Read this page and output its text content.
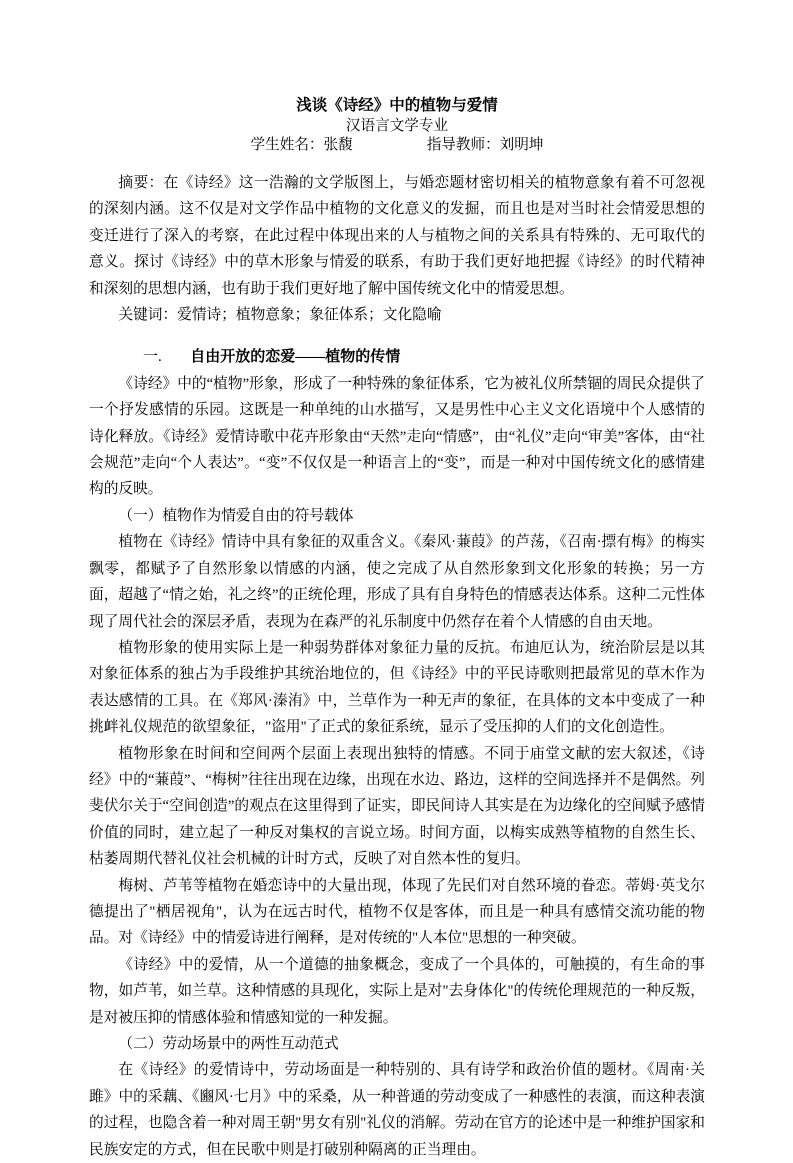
浅谈《诗经》中的植物与爱情
汉语言文学专业
学生姓名：张馥	指导教师：刘明坤

摘要：在《诗经》这一浩瀚的文学版图上，与婚恋题材密切相关的植物意象有着不可忽视的深刻内涵。这不仅是对文学作品中植物的文化意义的发掘，而且也是对当时社会情爱思想的变迁进行了深入的考察，在此过程中体现出来的人与植物之间的关系具有特殊的、无可取代的意义。探讨《诗经》中的草木形象与情爱的联系，有助于我们更好地把握《诗经》的时代精神和深刻的思想内涵，也有助于我们更好地了解中国传统文化中的情爱思想。

关键词：爱情诗；植物意象；象征体系；文化隐喻

一. 自由开放的恋爱——植物的传情

《诗经》中的“植物”形象，形成了一种特殊的象征体系，它为被礼仪所禁锢的周民众提供了一个抒发感情的乐园。这既是一种单纯的山水描写，又是男性中心主义文化语境中个人感情的诗化释放。《诗经》爱情诗歌中花卉形象由“天然”走向“情感”，由“礼仪”走向“审美”客体，由“社会规范”走向“个人表达”。“变”不仅仅是一种语言上的“变”，而是一种对中国传统文化的感情建构的反映。

（一）植物作为情爱自由的符号载体

植物在《诗经》情诗中具有象征的双重含义。《秦风·蒹葭》的芦荡，《召南·摽有梅》的梅实飘零，都赋予了自然形象以情感的内涵，使之完成了从自然形象到文化形象的转换；另一方面，超越了“情之始，礼之终”的正统伦理，形成了具有自身特色的情感表达体系。这种二元性体现了周代社会的深层矛盾，表现为在森严的礼乐制度中仍然存在着个人情感的自由天地。

植物形象的使用实际上是一种弱势群体对象征力量的反抗。布迪厄认为，统治阶层是以其对象征体系的独占为手段维护其统治地位的，但《诗经》中的平民诗歌则把最常见的草木作为表达感情的工具。在《郑风·溱洧》中，兰草作为一种无声的象征，在具体的文本中变成了一种挑衅礼仪规范的欲望象征，"盗用"了正式的象征系统，显示了受压抑的人们的文化创造性。

植物形象在时间和空间两个层面上表现出独特的情感。不同于庙堂文献的宏大叙述，《诗经》中的“蒹葭”、“梅树”往往出现在边缘，出现在水边、路边，这样的空间选择并不是偶然。列斐伏尔关于“空间创造”的观点在这里得到了证实，即民间诗人其实是在为边缘化的空间赋予感情价值的同时，建立起了一种反对集权的言说立场。时间方面，以梅实成熟等植物的自然生长、枯萎周期代替礼仪社会机械的计时方式，反映了对自然本性的复归。

梅树、芦苇等植物在婚恋诗中的大量出现，体现了先民们对自然环境的眷恋。蒂姆·英戈尔德提出了"栖居视角"，认为在远古时代，植物不仅是客体，而且是一种具有感情交流功能的物品。对《诗经》中的情爱诗进行阐释，是对传统的"人本位"思想的一种突破。

《诗经》中的爱情，从一个道德的抽象概念，变成了一个具体的，可触摸的，有生命的事物，如芦苇，如兰草。这种情感的具现化，实际上是对"去身体化"的传统伦理规范的一种反叛，是对被压抑的情感体验和情感知觉的一种发掘。

（二）劳动场景中的两性互动范式

在《诗经》的爱情诗中，劳动场面是一种特别的、具有诗学和政治价值的题材。《周南·关雎》中的采藕、《豳风·七月》中的采桑，从一种普通的劳动变成了一种感性的表演，而这种表演的过程，也隐含着一种对周王朝"男女有别"礼仪的消解。劳动在官方的论述中是一种维护国家和民族安定的方式，但在民歌中则是打破别种隔离的正当理由。
